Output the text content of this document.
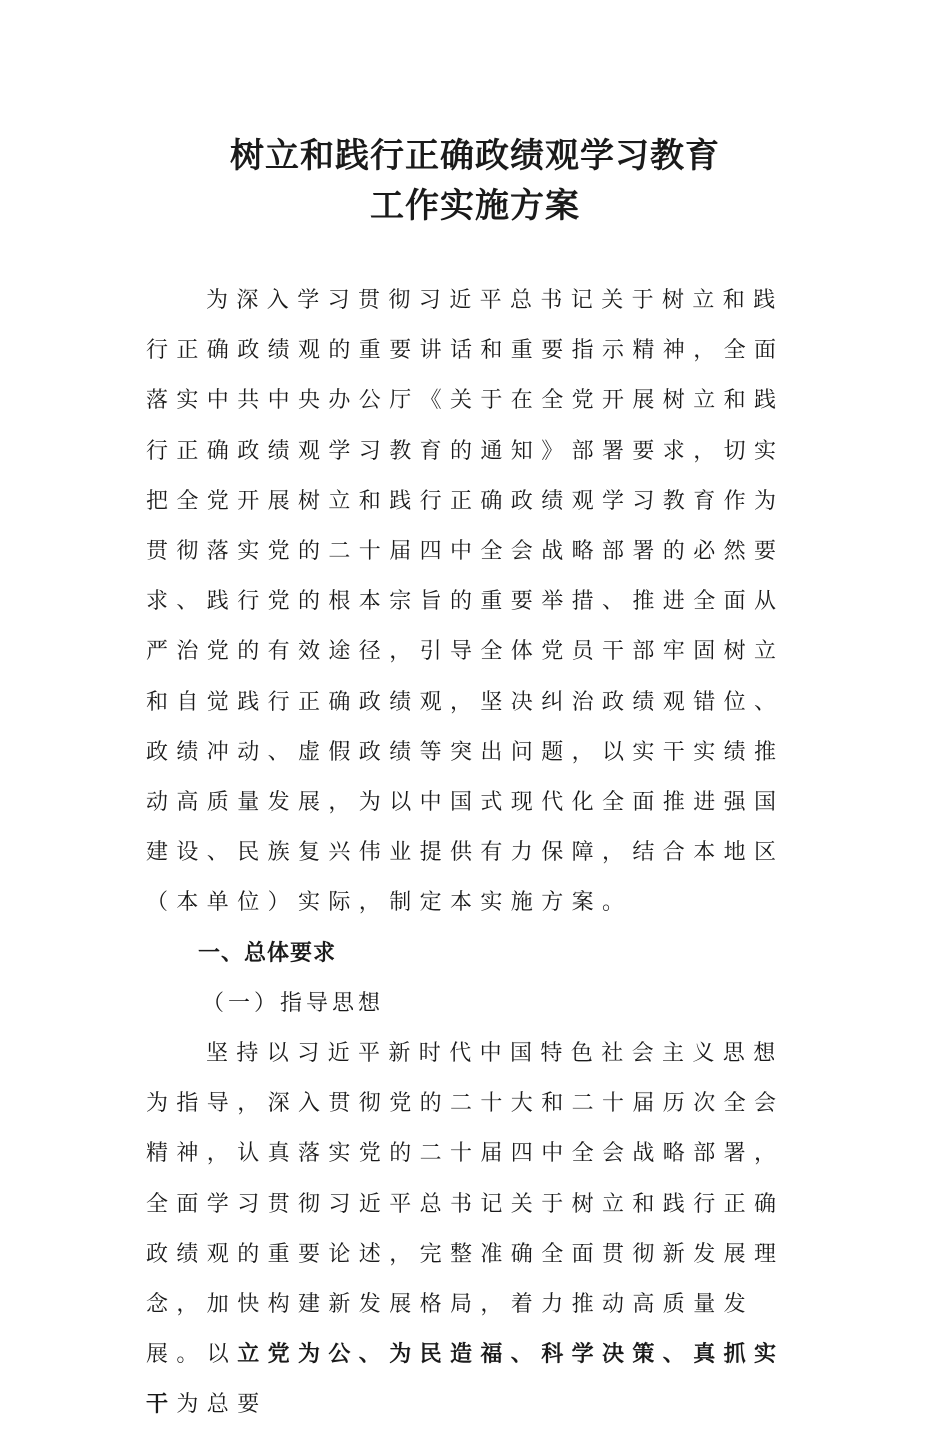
树立和践行正确政绩观学习教育
工作实施方案

为深入学习贯彻习近平总书记关于树立和践行正确政绩观的重要讲话和重要指示精神，全面落实中共中央办公厅《关于在全党开展树立和践行正确政绩观学习教育的通知》部署要求，切实把全党开展树立和践行正确政绩观学习教育作为贯彻落实党的二十届四中全会战略部署的必然要求、践行党的根本宗旨的重要举措、推进全面从严治党的有效途径，引导全体党员干部牢固树立和自觉践行正确政绩观，坚决纠治政绩观错位、政绩冲动、虚假政绩等突出问题，以实干实绩推动高质量发展，为以中国式现代化全面推进强国建设、民族复兴伟业提供有力保障，结合本地区（本单位）实际，制定本实施方案。

一、总体要求

（一）指导思想

坚持以习近平新时代中国特色社会主义思想为指导，深入贯彻党的二十大和二十届历次全会精神，认真落实党的二十届四中全会战略部署，全面学习贯彻习近平总书记关于树立和践行正确政绩观的重要论述，完整准确全面贯彻新发展理念，加快构建新发展格局，着力推动高质量发展。以立党为公、为民造福、科学决策、真抓实干为总要
